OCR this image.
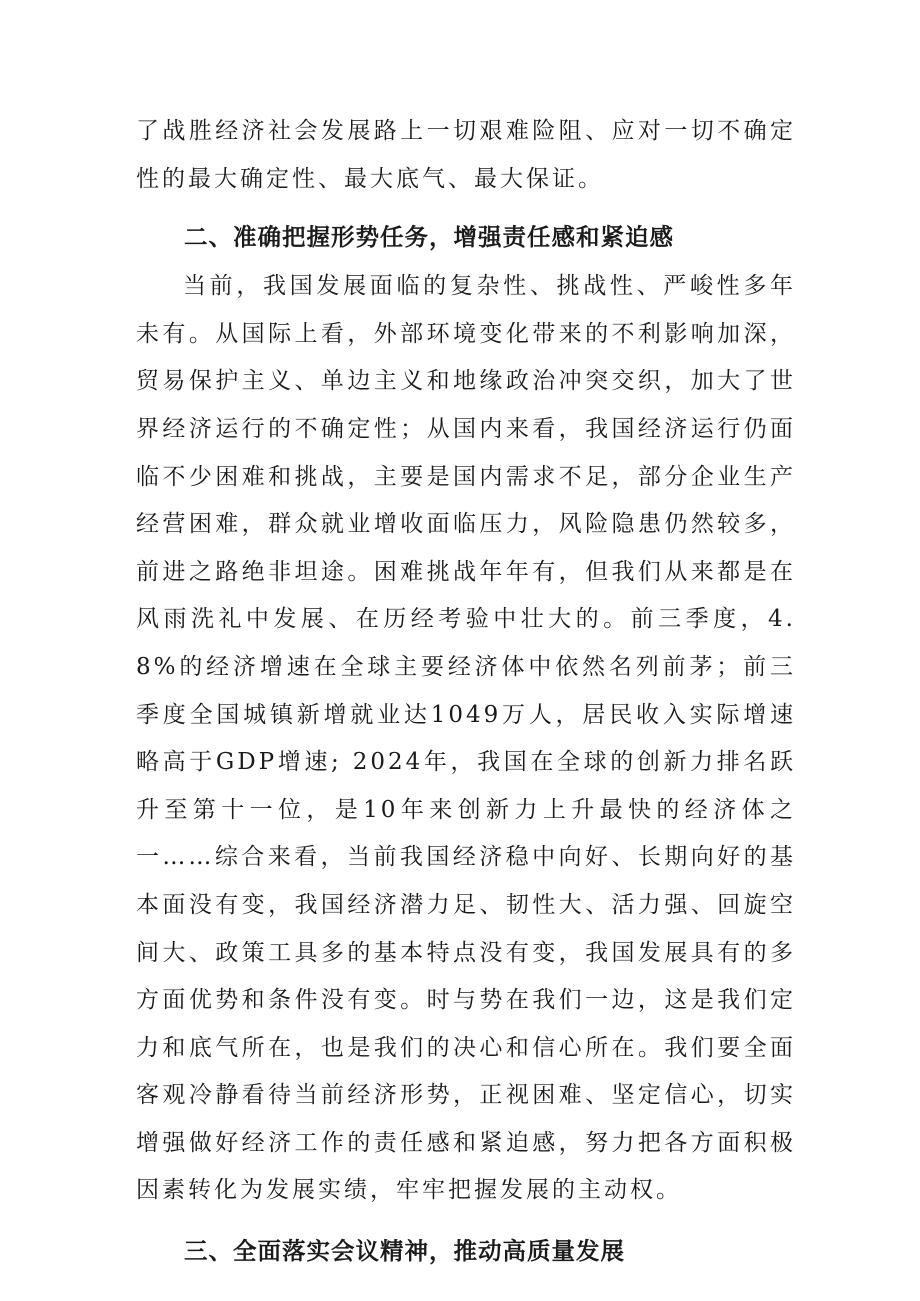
了战胜经济社会发展路上一切艰难险阻、应对一切不确定性的最大确定性、最大底气、最大保证。

二、准确把握形势任务，增强责任感和紧迫感

当前，我国发展面临的复杂性、挑战性、严峻性多年未有。从国际上看，外部环境变化带来的不利影响加深，贸易保护主义、单边主义和地缘政治冲突交织，加大了世界经济运行的不确定性；从国内来看，我国经济运行仍面临不少困难和挑战，主要是国内需求不足，部分企业生产经营困难，群众就业增收面临压力，风险隐患仍然较多，前进之路绝非坦途。困难挑战年年有，但我们从来都是在风雨洗礼中发展、在历经考验中壮大的。前三季度，4.8%的经济增速在全球主要经济体中依然名列前茅；前三季度全国城镇新增就业达1049万人，居民收入实际增速略高于GDP增速; 2024年，我国在全球的创新力排名跃升至第十一位，是10年来创新力上升最快的经济体之一……综合来看，当前我国经济稳中向好、长期向好的基本面没有变，我国经济潜力足、韧性大、活力强、回旋空间大、政策工具多的基本特点没有变，我国发展具有的多方面优势和条件没有变。时与势在我们一边，这是我们定力和底气所在，也是我们的决心和信心所在。我们要全面客观冷静看待当前经济形势，正视困难、坚定信心，切实增强做好经济工作的责任感和紧迫感，努力把各方面积极因素转化为发展实绩，牢牢把握发展的主动权。

三、全面落实会议精神，推动高质量发展
